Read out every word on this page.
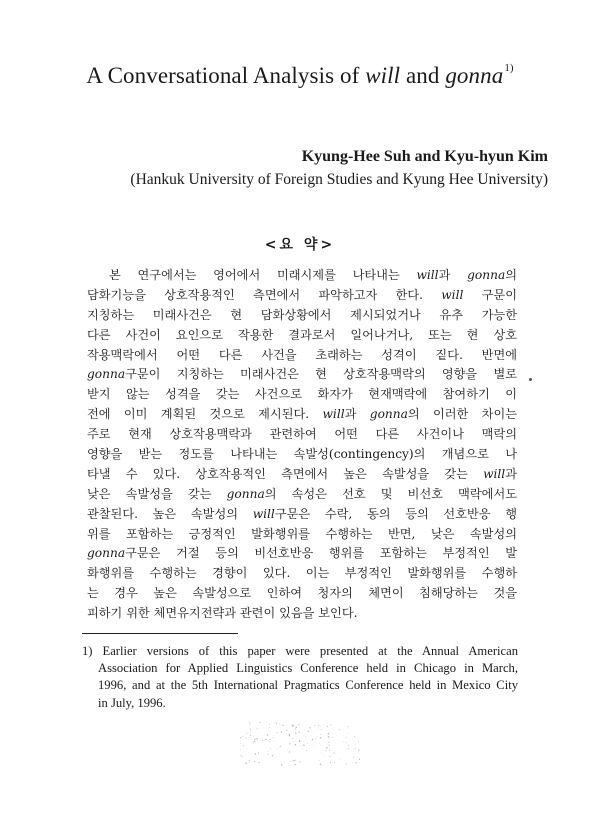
A Conversational Analysis of will and gonna$^{1)}$
Kyung-Hee Suh and Kyu-hyun Kim
(Hankuk University of Foreign Studies and Kyung Hee University)
<요 약>
본 연구에서는 영어에서 미래시제를 나타내는 will과 gonna의
담화기능을 상호작용적인 측면에서 파악하고자 한다. will 구문이
지칭하는 미래사건은 현 담화상황에서 제시되었거나 유추 가능한
다른 사건이 요인으로 작용한 결과로서 일어나거나, 또는 현 상호
작용맥락에서 어떤 다른 사건을 초래하는 성격이 짙다. 반면에
gonna구문이 지칭하는 미래사건은 현 상호작용맥락의 영향을 별로
받지 않는 성격을 갖는 사건으로 화자가 현재맥락에 참여하기 이
전에 이미 계획된 것으로 제시된다. will과 gonna의 이러한 차이는
주로 현재 상호작용맥락과 관련하여 어떤 다른 사건이나 맥락의
영향을 받는 정도를 나타내는 속발성(contingency)의 개념으로 나
타낼 수 있다. 상호작용적인 측면에서 높은 속발성을 갖는 will과
낮은 속발성을 갖는 gonna의 속성은 선호 및 비선호 맥락에서도
관찰된다. 높은 속발성의 will구문은 수락, 동의 등의 선호반응 행
위를 포함하는 긍정적인 발화행위를 수행하는 반면, 낮은 속발성의
gonna구문은 거절 등의 비선호반응 행위를 포함하는 부정적인 발
화행위를 수행하는 경향이 있다. 이는 부정적인 발화행위를 수행하
는 경우 높은 속발성으로 인하여 청자의 체면이 침해당하는 것을
피하기 위한 체면유지전략과 관련이 있음을 보인다.
1) Earlier versions of this paper were presented at the Annual American
Association for Applied Linguistics Conference held in Chicago in March,
1996, and at the 5th International Pragmatics Conference held in Mexico City
in July, 1996.
